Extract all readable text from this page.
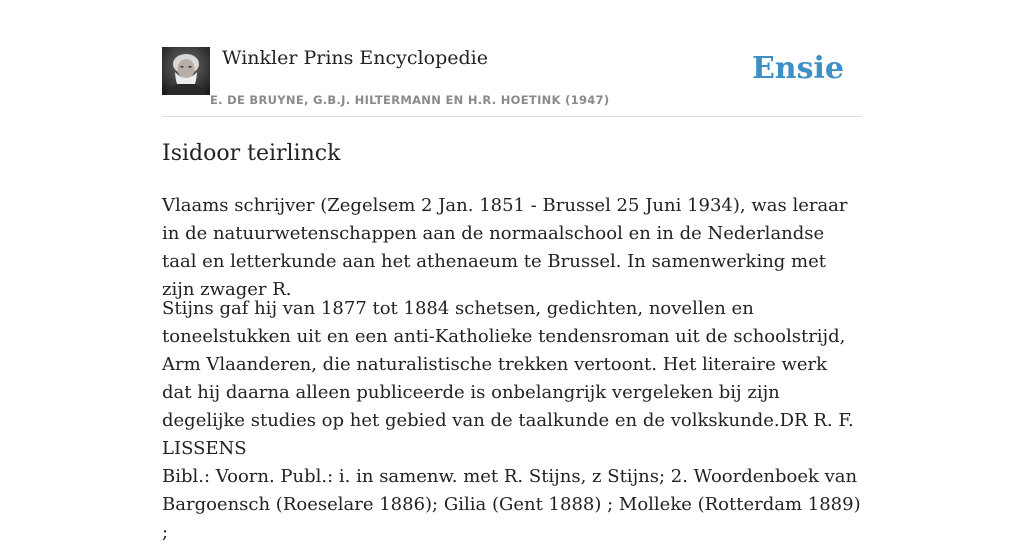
Winkler Prins Encyclopedie
E. DE BRUYNE, G.B.J. HILTERMANN EN H.R. HOETINK (1947)
Ensie
Isidoor teirlinck

Vlaams schrijver (Zegelsem 2 Jan. 1851 - Brussel 25 Juni 1934), was leraar in de natuurwetenschappen aan de normaalschool en in de Nederlandse taal en letterkunde aan het athenaeum te Brussel. In samenwerking met zijn zwager R.

Stijns gaf hij van 1877 tot 1884 schetsen, gedichten, novellen en toneelstukken uit en een anti-Katholieke tendensroman uit de schoolstrijd, Arm Vlaanderen, die naturalistische trekken vertoont. Het literaire werk dat hij daarna alleen publiceerde is onbelangrijk vergeleken bij zijn degelijke studies op het gebied van de taalkunde en de volkskunde.DR R. F. LISSENS

Bibl.: Voorn. Publ.: i. in samenw. met R. Stijns, z Stijns; 2. Woordenboek van Bargoensch (Roeselare 1886); Gilia (Gent 1888) ; Molleke (Rotterdam 1889) ;
